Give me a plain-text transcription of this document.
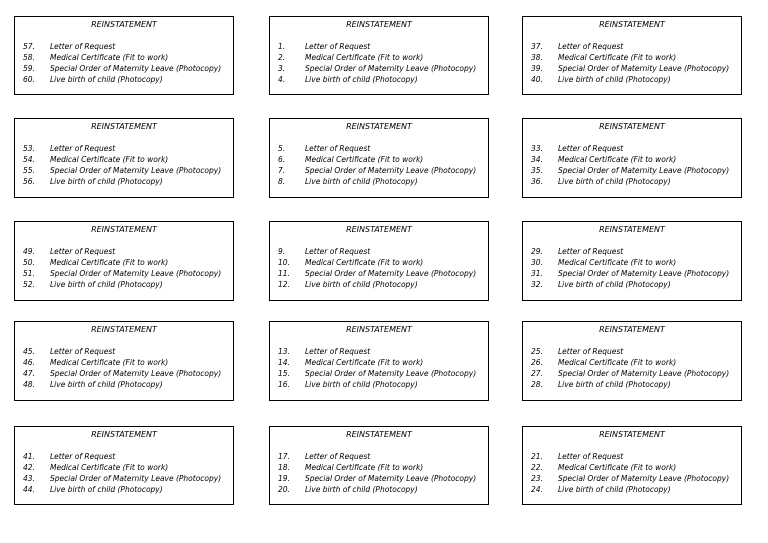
REINSTATEMENT
57.	Letter of Request
58.	Medical Certificate (Fit to work)
59.	Special Order of Maternity Leave (Photocopy)
60.	Live birth of child (Photocopy)
REINSTATEMENT
1.	Letter of Request
2.	Medical Certificate (Fit to work)
3.	Special Order of Maternity Leave (Photocopy)
4.	Live birth of child (Photocopy)
REINSTATEMENT
37.	Letter of Request
38.	Medical Certificate (Fit to work)
39.	Special Order of Maternity Leave (Photocopy)
40.	Live birth of child (Photocopy)
REINSTATEMENT
53.	Letter of Request
54.	Medical Certificate (Fit to work)
55.	Special Order of Maternity Leave (Photocopy)
56.	Live birth of child (Photocopy)
REINSTATEMENT
5.	Letter of Request
6.	Medical Certificate (Fit to work)
7.	Special Order of Maternity Leave (Photocopy)
8.	Live birth of child (Photocopy)
REINSTATEMENT
33.	Letter of Request
34.	Medical Certificate (Fit to work)
35.	Special Order of Maternity Leave (Photocopy)
36.	Live birth of child (Photocopy)
REINSTATEMENT
49.	Letter of Request
50.	Medical Certificate (Fit to work)
51.	Special Order of Maternity Leave (Photocopy)
52.	Live birth of child (Photocopy)
REINSTATEMENT
9.	Letter of Request
10.	Medical Certificate (Fit to work)
11.	Special Order of Maternity Leave (Photocopy)
12.	Live birth of child (Photocopy)
REINSTATEMENT
29.	Letter of Request
30.	Medical Certificate (Fit to work)
31.	Special Order of Maternity Leave (Photocopy)
32.	Live birth of child (Photocopy)
REINSTATEMENT
45.	Letter of Request
46.	Medical Certificate (Fit to work)
47.	Special Order of Maternity Leave (Photocopy)
48.	Live birth of child (Photocopy)
REINSTATEMENT
13.	Letter of Request
14.	Medical Certificate (Fit to work)
15.	Special Order of Maternity Leave (Photocopy)
16.	Live birth of child (Photocopy)
REINSTATEMENT
25.	Letter of Request
26.	Medical Certificate (Fit to work)
27.	Special Order of Maternity Leave (Photocopy)
28.	Live birth of child (Photocopy)
REINSTATEMENT
41.	Letter of Request
42.	Medical Certificate (Fit to work)
43.	Special Order of Maternity Leave (Photocopy)
44.	Live birth of child (Photocopy)
REINSTATEMENT
17.	Letter of Request
18.	Medical Certificate (Fit to work)
19.	Special Order of Maternity Leave (Photocopy)
20.	Live birth of child (Photocopy)
REINSTATEMENT
21.	Letter of Request
22.	Medical Certificate (Fit to work)
23.	Special Order of Maternity Leave (Photocopy)
24.	Live birth of child (Photocopy)
